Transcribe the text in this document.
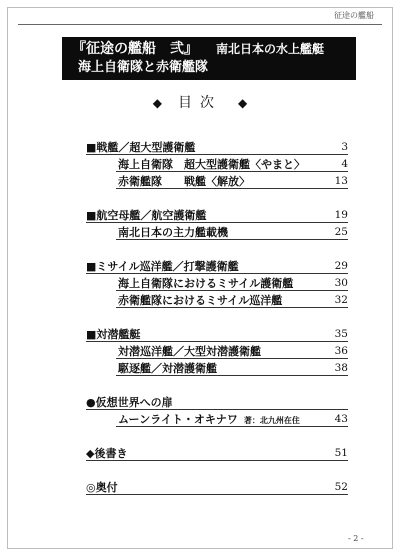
征途の艦船
『征途の艦船　弐』 南北日本の水上艦艇
海上自衛隊と赤衛艦隊
◆ 目次 ◆
■戦艦／超大型護衛艦	3
海上自衛隊　超大型護衛艦〈やまと〉	4
赤衛艦隊　　戦艦〈解放〉	13
■航空母艦／航空護衛艦	19
南北日本の主力艦載機	25
■ミサイル巡洋艦／打撃護衛艦	29
海上自衛隊におけるミサイル護衛艦	30
赤衛艦隊におけるミサイル巡洋艦	32
■対潜艦艇	35
対潜巡洋艦／大型対潜護衛艦	36
駆逐艦／対潜護衛艦	38
●仮想世界への扉
ムーンライト・オキナワ 著：北九州在住	43
◆後書き	51
◎奥付	52
- 2 -
